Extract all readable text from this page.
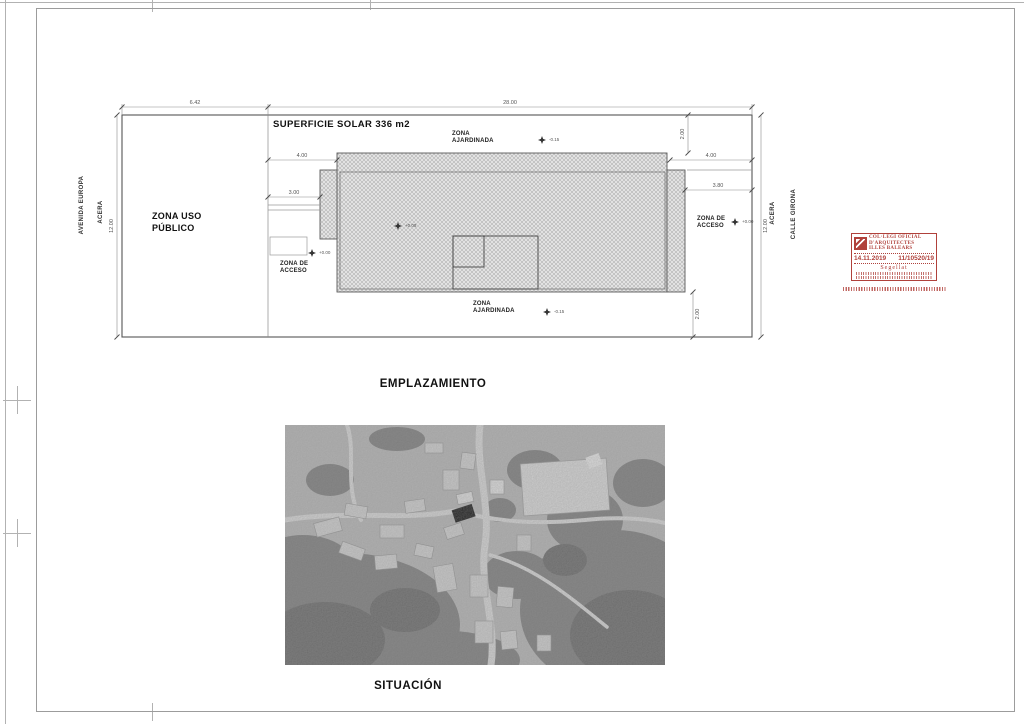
6.42	28.00
12.00	12.00
2.00
2.00
4.00
3.00
4.00
3.80
AVENIDA EUROPA ACERA	ACERA	CALLE GIRONA
SUPERFICIE SOLAR 336 m2
ZONA USO
PÚBLICO
ZONA
AJARDINADA
ZONA
AJARDINADA
ZONA DE
ACCESO
ZONA DE
ACCESO
-0.15
-0.15
+0.08
+0.00
+0.00
EMPLAZAMIENTO
SITUACIÓN
COL·LEGI OFICIAL
D'ARQUITECTES
ILLES BALEARS
14.11.2019 11/10520/19
Segellat
